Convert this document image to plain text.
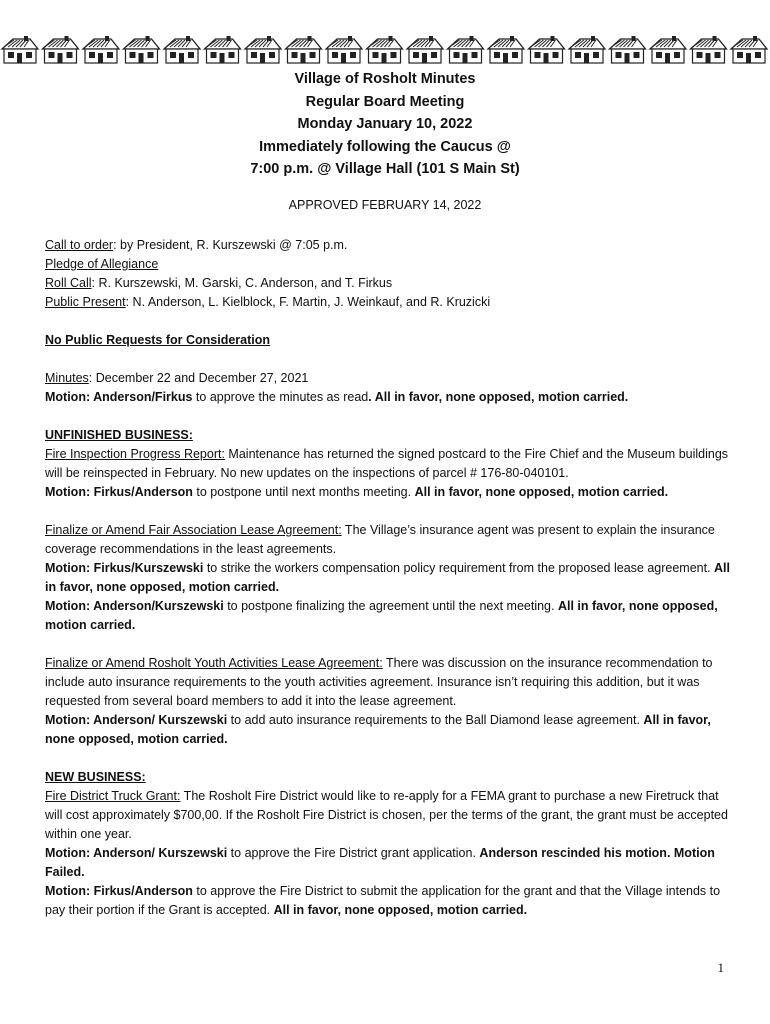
Village of Rosholt Minutes
Regular Board Meeting
Monday January 10, 2022
Immediately following the Caucus @
7:00 p.m. @ Village Hall (101 S Main St)
APPROVED FEBRUARY 14, 2022

Call to order: by President, R. Kurszewski @ 7:05 p.m.

Pledge of Allegiance

Roll Call: R. Kurszewski, M. Garski, C. Anderson, and T. Firkus

Public Present: N. Anderson, L. Kielblock, F. Martin, J. Weinkauf, and R. Kruzicki

No Public Requests for Consideration

Minutes: December 22 and December 27, 2021

Motion: Anderson/Firkus to approve the minutes as read. All in favor, none opposed, motion carried.

UNFINISHED BUSINESS:

Fire Inspection Progress Report: Maintenance has returned the signed postcard to the Fire Chief and the Museum buildings will be reinspected in February. No new updates on the inspections of parcel # 176-80-040101.

Motion: Firkus/Anderson to postpone until next months meeting. All in favor, none opposed, motion carried.

Finalize or Amend Fair Association Lease Agreement: The Village’s insurance agent was present to explain the insurance coverage recommendations in the least agreements.

Motion: Firkus/Kurszewski to strike the workers compensation policy requirement from the proposed lease agreement. All in favor, none opposed, motion carried.

Motion: Anderson/Kurszewski to postpone finalizing the agreement until the next meeting. All in favor, none opposed, motion carried.

Finalize or Amend Rosholt Youth Activities Lease Agreement: There was discussion on the insurance recommendation to include auto insurance requirements to the youth activities agreement. Insurance isn’t requiring this addition, but it was requested from several board members to add it into the lease agreement.

Motion: Anderson/ Kurszewski to add auto insurance requirements to the Ball Diamond lease agreement. All in favor, none opposed, motion carried.

NEW BUSINESS:

Fire District Truck Grant: The Rosholt Fire District would like to re-apply for a FEMA grant to purchase a new Firetruck that will cost approximately $700,00. If the Rosholt Fire District is chosen, per the terms of the grant, the grant must be accepted within one year.

Motion: Anderson/ Kurszewski to approve the Fire District grant application. Anderson rescinded his motion. Motion Failed.

Motion: Firkus/Anderson to approve the Fire District to submit the application for the grant and that the Village intends to pay their portion if the Grant is accepted. All in favor, none opposed, motion carried.

1
